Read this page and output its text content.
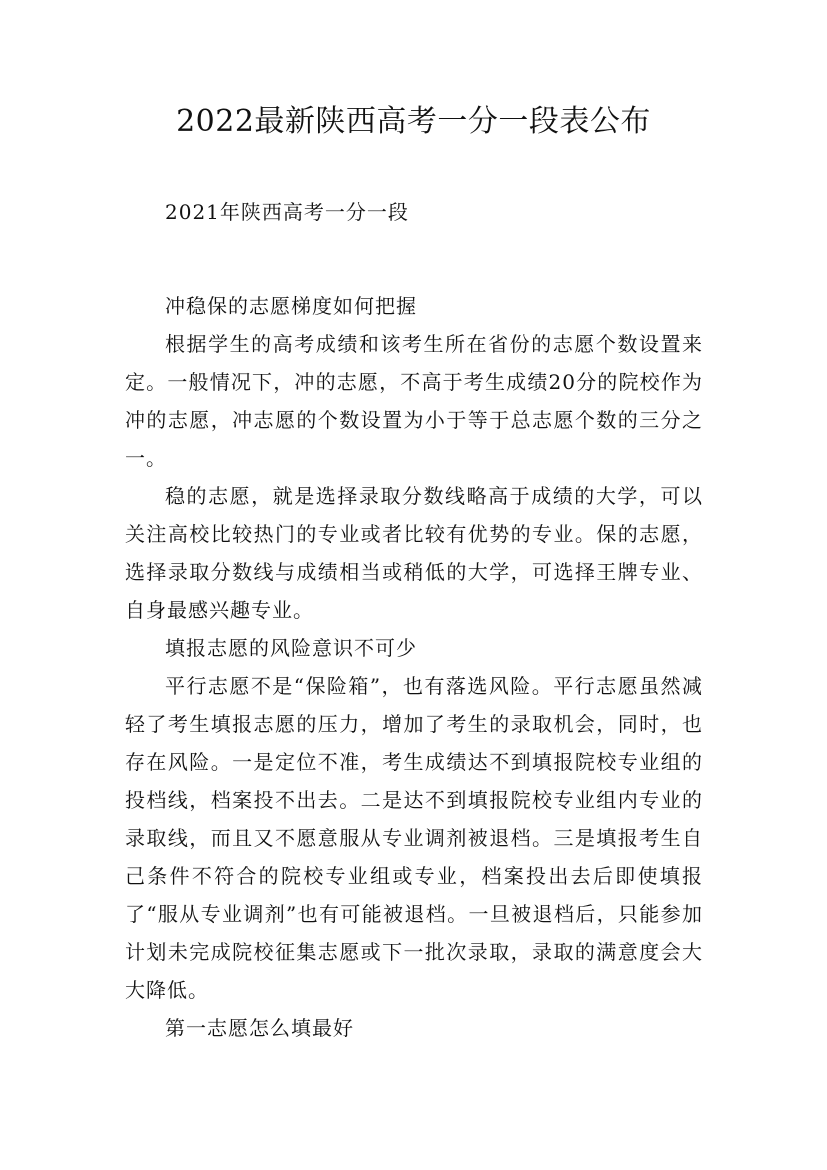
2022最新陕西高考一分一段表公布

2021年陕西高考一分一段

冲稳保的志愿梯度如何把握

根据学生的高考成绩和该考生所在省份的志愿个数设置来定。一般情况下，冲的志愿，不高于考生成绩20分的院校作为冲的志愿，冲志愿的个数设置为小于等于总志愿个数的三分之一。

稳的志愿，就是选择录取分数线略高于成绩的大学，可以关注高校比较热门的专业或者比较有优势的专业。保的志愿，选择录取分数线与成绩相当或稍低的大学，可选择王牌专业、自身最感兴趣专业。

填报志愿的风险意识不可少

平行志愿不是“保险箱”，也有落选风险。平行志愿虽然减轻了考生填报志愿的压力，增加了考生的录取机会，同时，也存在风险。一是定位不准，考生成绩达不到填报院校专业组的投档线，档案投不出去。二是达不到填报院校专业组内专业的录取线，而且又不愿意服从专业调剂被退档。三是填报考生自己条件不符合的院校专业组或专业，档案投出去后即使填报了“服从专业调剂”也有可能被退档。一旦被退档后，只能参加计划未完成院校征集志愿或下一批次录取，录取的满意度会大大降低。

第一志愿怎么填最好
